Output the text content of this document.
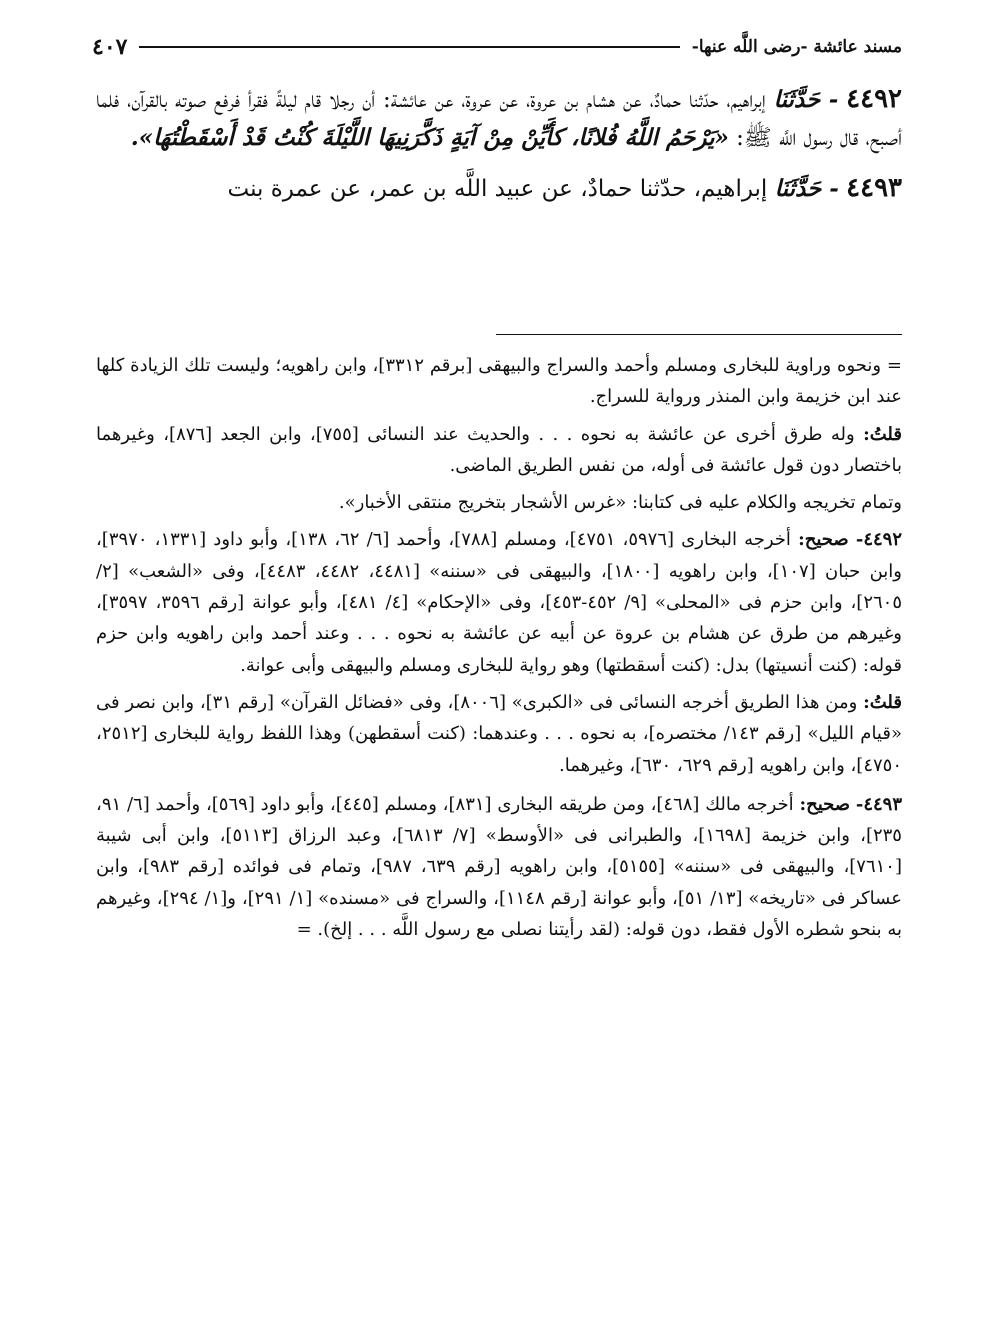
مسند عائشة -رضى اللَّه عنها-
٤٠٧

٤٤٩٢ - حَدَّثَنَا إبراهيم، حدّثنا حمادٌ، عن هشام بن عروة، عن عروة، عن عائشة: أن رجلا قام ليلةً فقرأ فرفع صوته بالقرآن، فلما أصبح، قال رسول اللَّه ﷺ: «يَرْحَمُ اللَّهُ فُلانًا، كأَيِّنْ مِنْ آيَةٍ ذَكَّرَنِيهَا اللَّيْلَةَ كُنْتُ قَدْ أَسْقَطْتُهَا».

٤٤٩٣ - حَدَّثَنَا إبراهيم، حدّثنا حمادٌ، عن عبيد اللَّه بن عمر، عن عمرة بنت

= ونحوه وراوية للبخارى ومسلم وأحمد والسراج والبيهقى [برقم ٣٣١٢]، وابن راهويه؛ وليست تلك الزيادة كلها عند ابن خزيمة وابن المنذر ورواية للسراج.

قلتُ: وله طرق أخرى عن عائشة به نحوه . . . والحديث عند النسائى [٧٥٥]، وابن الجعد [٨٧٦]، وغيرهما باختصار دون قول عائشة فى أوله، من نفس الطريق الماضى.

وتمام تخريجه والكلام عليه فى كتابنا: «غرس الأشجار بتخريج منتقى الأخبار».

٤٤٩٢- صحيح: أخرجه البخارى [٥٩٧٦، ٤٧٥١]، ومسلم [٧٨٨]، وأحمد [٦/ ٦٢، ١٣٨]، وأبو داود [١٣٣١، ٣٩٧٠]، وابن حبان [١٠٧]، وابن راهويه [١٨٠٠]، والبيهقى فى «سننه» [٤٤٨١، ٤٤٨٢، ٤٤٨٣]، وفى «الشعب» [٢/ ٢٦٠٥]، وابن حزم فى «المحلى» [٩/ ٤٥٢-٤٥٣]، وفى «الإحكام» [٤/ ٤٨١]، وأبو عوانة [رقم ٣٥٩٦، ٣٥٩٧]، وغيرهم من طرق عن هشام بن عروة عن أبيه عن عائشة به نحوه . . . وعند أحمد وابن راهويه وابن حزم قوله: (كنت أنسيتها) بدل: (كنت أسقطتها) وهو رواية للبخارى ومسلم والبيهقى وأبى عوانة.

قلتُ: ومن هذا الطريق أخرجه النسائى فى «الكبرى» [٨٠٠٦]، وفى «فضائل القرآن» [رقم ٣١]، وابن نصر فى «قيام الليل» [رقم ١٤٣/ مختصره]، به نحوه . . . وعندهما: (كنت أسقطهن) وهذا اللفظ رواية للبخارى [٢٥١٢، ٤٧٥٠]، وابن راهويه [رقم ٦٢٩، ٦٣٠]، وغيرهما.

٤٤٩٣- صحيح: أخرجه مالك [٤٦٨]، ومن طريقه البخارى [٨٣١]، ومسلم [٤٤٥]، وأبو داود [٥٦٩]، وأحمد [٦/ ٩١، ٢٣٥]، وابن خزيمة [١٦٩٨]، والطبرانى فى «الأوسط» [٧/ ٦٨١٣]، وعبد الرزاق [٥١١٣]، وابن أبى شيبة [٧٦١٠]، والبيهقى فى «سننه» [٥١٥٥]، وابن راهويه [رقم ٦٣٩، ٩٨٧]، وتمام فى فوائده [رقم ٩٨٣]، وابن عساكر فى «تاريخه» [١٣/ ٥١]، وأبو عوانة [رقم ١١٤٨]، والسراج فى «مسنده» [١/ ٢٩١]، و[١/ ٢٩٤]، وغيرهم به بنحو شطره الأول فقط، دون قوله: (لقد رأيتنا نصلى مع رسول اللَّه . . . إلخ). =
